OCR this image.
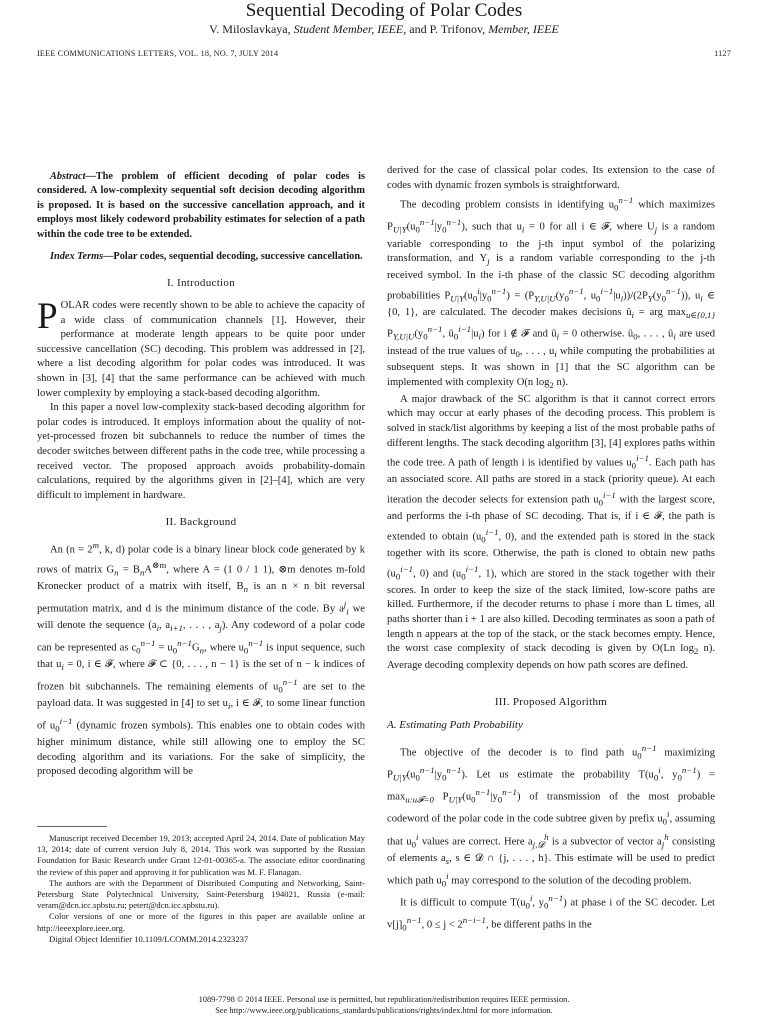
IEEE COMMUNICATIONS LETTERS, VOL. 18, NO. 7, JULY 2014	1127
Sequential Decoding of Polar Codes
V. Miloslavkaya, Student Member, IEEE, and P. Trifonov, Member, IEEE

Abstract—The problem of efficient decoding of polar codes is considered. A low-complexity sequential soft decision decoding algorithm is proposed. It is based on the successive cancellation approach, and it employs most likely codeword probability estimates for selection of a path within the code tree to be extended.

Index Terms—Polar codes, sequential decoding, successive cancellation.

I. Introduction

POLAR codes were recently shown to be able to achieve the capacity of a wide class of communication channels [1]. However, their performance at moderate length appears to be quite poor under successive cancellation (SC) decoding. This problem was addressed in [2], where a list decoding algorithm for polar codes was introduced. It was shown in [3], [4] that the same performance can be achieved with much lower complexity by employing a stack-based decoding algorithm.

In this paper a novel low-complexity stack-based decoding algorithm for polar codes is introduced. It employs information about the quality of not-yet-processed frozen bit subchannels to reduce the number of times the decoder switches between different paths in the code tree, while processing a received vector. The proposed approach avoids probability-domain calculations, required by the algorithms given in [2]–[4], which are very difficult to implement in hardware.

II. Background

An ($n = 2^m$, k, d) polar code is a binary linear block code generated by k rows of matrix $G_n = B_nA^{\otimes m}$, where A = (1 0 / 1 1), ⊗m denotes m-fold Kronecker product of a matrix with itself, $B_n$ is an n × n bit reversal permutation matrix, and d is the minimum distance of the code. By $a^j_i$ we will denote the sequence ($a_i$, $a_{i+1}$, . . . , $a_j$). Any codeword of a polar code can be represented as $c_0^{n-1} = u_0^{n-1}G_n$, where $u_0^{n-1}$ is input sequence, such that $u_i = 0$, i ∈ 𝓕, where 𝓕 ⊂ {0, . . . , n − 1} is the set of n − k indices of frozen bit subchannels. The remaining elements of $u_0^{n-1}$ are set to the payload data. It was suggested in [4] to set $u_i$, i ∈ 𝓕, to some linear function of $u_0^{i-1}$ (dynamic frozen symbols). This enables one to obtain codes with higher minimum distance, while still allowing one to employ the SC decoding algorithm and its variations. For the sake of simplicity, the proposed decoding algorithm will be

Manuscript received December 19, 2013; accepted April 24, 2014. Date of publication May 13, 2014; date of current version July 8, 2014. This work was supported by the Russian Foundation for Basic Research under Grant 12-01-00365-a. The associate editor coordinating the review of this paper and approving it for publication was M. F. Flanagan.

The authors are with the Department of Distributed Computing and Networking, Saint-Petersburg State Polytechnical University, Saint-Petersburg 194021, Russia (e-mail: veram@dcn.icc.spbstu.ru; petert@dcn.icc.spbstu.ru).

Color versions of one or more of the figures in this paper are available online at http://ieeexplore.ieee.org.

Digital Object Identifier 10.1109/LCOMM.2014.2323237

derived for the case of classical polar codes. Its extension to the case of codes with dynamic frozen symbols is straightforward.

The decoding problem consists in identifying $u_0^{n-1}$ which maximizes $P_{U|Y}(u_0^{n-1}|y_0^{n-1})$, such that $u_i = 0$ for all i ∈ 𝓕, where $U_j$ is a random variable corresponding to the j-th input symbol of the polarizing transformation, and $Y_j$ is a random variable corresponding to the j-th received symbol. In the i-th phase of the classic SC decoding algorithm probabilities $P_{U|Y}(u_0^i|y_0^{n-1}) = (P_{Y,U|U}(y_0^{n-1}$, $u_0^{i-1}|u_i))/(2P_Y(y_0^{n-1}))$, $u_i$ ∈ {0, 1}, are calculated. The decoder makes decisions $û_i$ = arg $\max_{u\in\{0,1\}} P_{Y,U|U}(y_0^{n-1}$, $û_0^{i-1}|u_i$) for i ∉ 𝓕 and $û_i = 0$ otherwise. $û_0$, . . . , $û_i$ are used instead of the true values of $u_0$, . . . , $u_i$ while computing the probabilities at subsequent steps. It was shown in [1] that the SC algorithm can be implemented with complexity O(n $\log_2 n$).

A major drawback of the SC algorithm is that it cannot correct errors which may occur at early phases of the decoding process. This problem is solved in stack/list algorithms by keeping a list of the most probable paths of different lengths. The stack decoding algorithm [3], [4] explores paths within the code tree. A path of length i is identified by values $u_0^{i-1}$. Each path has an associated score. All paths are stored in a stack (priority queue). At each iteration the decoder selects for extension path $u_0^{i-1}$ with the largest score, and performs the i-th phase of SC decoding. That is, if i ∈ 𝓕, the path is extended to obtain ($u_0^{i-1}$, 0), and the extended path is stored in the stack together with its score. Otherwise, the path is cloned to obtain new paths ($u_0^{i-1}$, 0) and ($u_0^{i-1}$, 1), which are stored in the stack together with their scores. In order to keep the size of the stack limited, low-score paths are killed. Furthermore, if the decoder returns to phase i more than L times, all paths shorter than i + 1 are also killed. Decoding terminates as soon a path of length n appears at the top of the stack, or the stack becomes empty. Hence, the worst case complexity of stack decoding is given by O(Ln $\log_2 n$). Average decoding complexity depends on how path scores are defined.

III. Proposed Algorithm
A. Estimating Path Probability

The objective of the decoder is to find path $u_0^{n-1}$ maximizing $P_{U|Y}(u_0^{n-1}|y_0^{n-1})$. Let us estimate the probability $T(u_0^i$, $y_0^{n-1}) = \max_{u:u𝓕=0} P_{U|Y}(u_0^{n-1}|y_0^{n-1})$ of transmission of the most probable codeword of the polar code in the code subtree given by prefix $u_0^i$, assuming that $u_0^i$ values are correct. Here $a_{j,𝓓}^h$ is a subvector of vector $a_j^h$ consisting of elements $a_s$, s ∈ 𝓓 ∩ {j, . . . , h}. This estimate will be used to predict which path $u_0^i$ may correspond to the solution of the decoding problem.

It is difficult to compute $T(u_0^i$, $y_0^{n-1}$) at phase i of the SC decoder. Let $v[j]_0^{n-1}$, $0 \le j < 2^{n-i-1}$, be different paths in the

1089-7798 © 2014 IEEE. Personal use is permitted, but republication/redistribution requires IEEE permission.
See http://www.ieee.org/publications_standards/publications/rights/index.html for more information.
